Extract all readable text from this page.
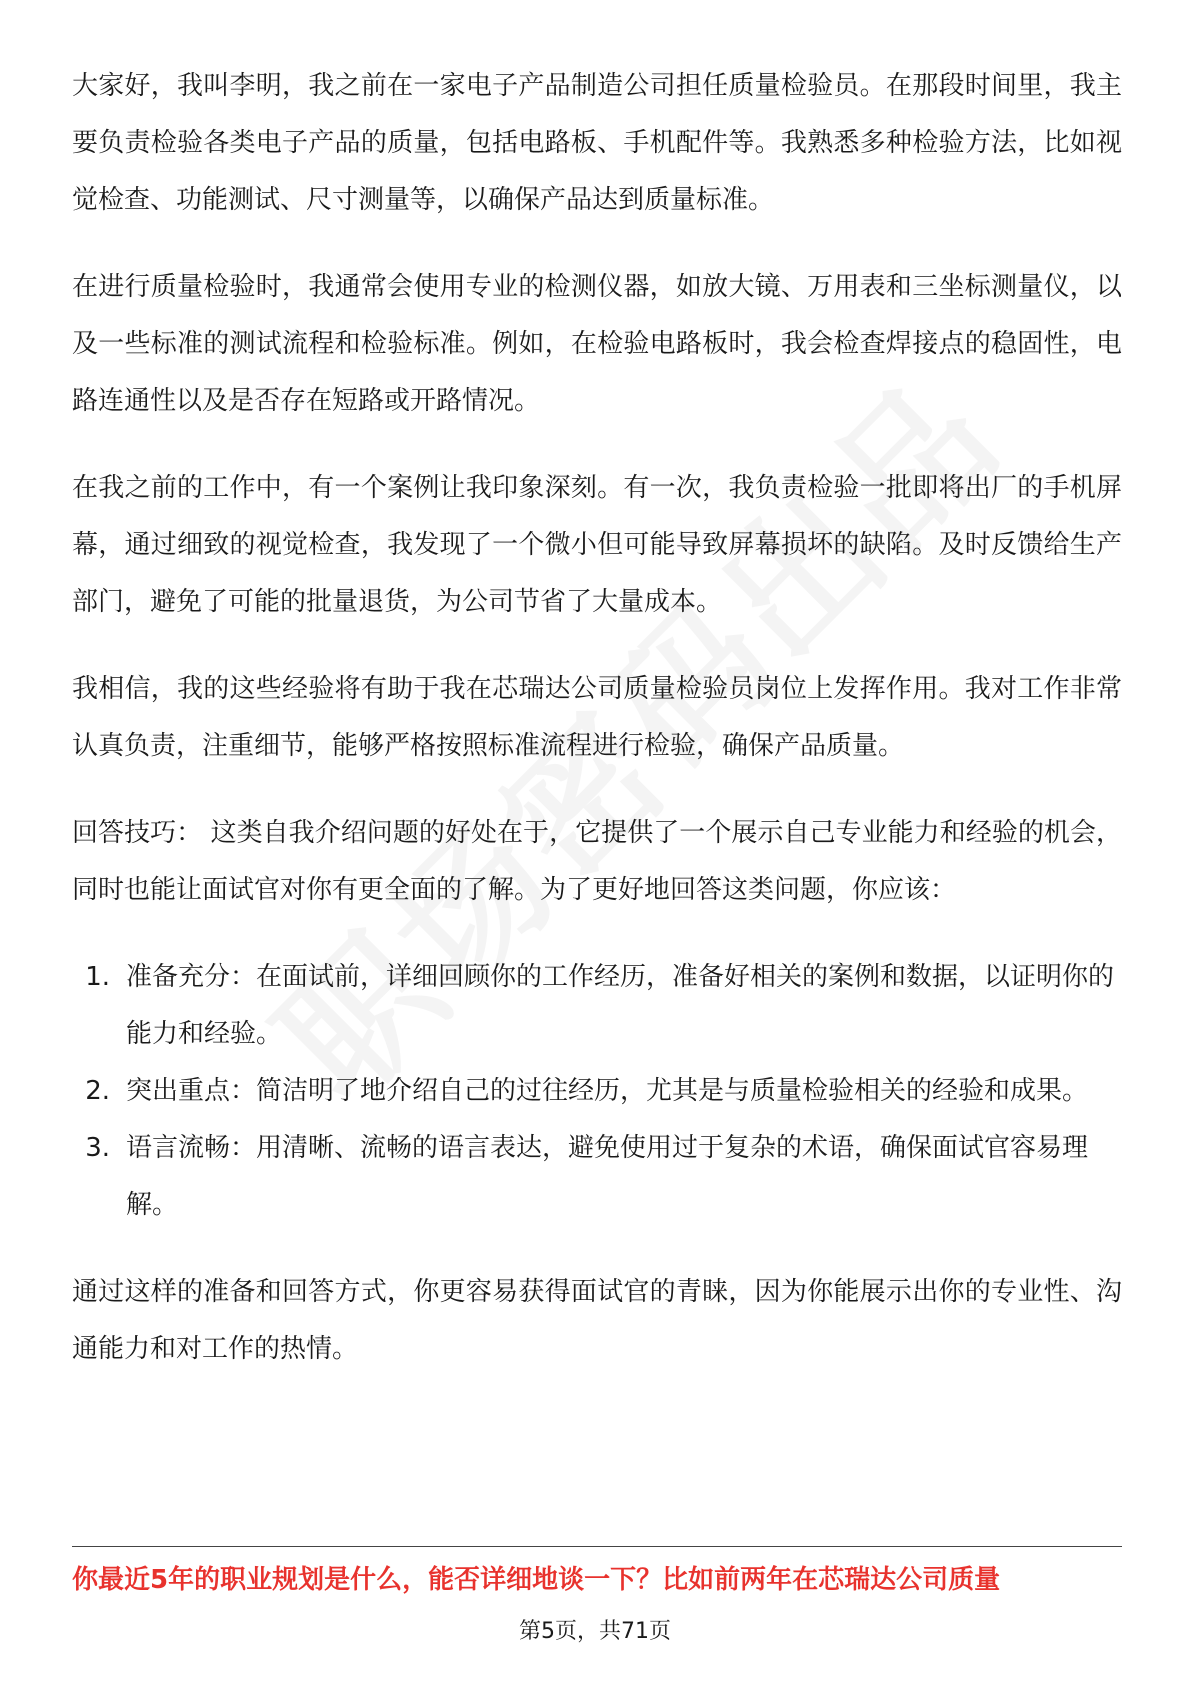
大家好，我叫李明，我之前在一家电子产品制造公司担任质量检验员。在那段时间里，我主要负责检验各类电子产品的质量，包括电路板、手机配件等。我熟悉多种检验方法，比如视觉检查、功能测试、尺寸测量等，以确保产品达到质量标准。

在进行质量检验时，我通常会使用专业的检测仪器，如放大镜、万用表和三坐标测量仪，以及一些标准的测试流程和检验标准。例如，在检验电路板时，我会检查焊接点的稳固性，电路连通性以及是否存在短路或开路情况。

在我之前的工作中，有一个案例让我印象深刻。有一次，我负责检验一批即将出厂的手机屏幕，通过细致的视觉检查，我发现了一个微小但可能导致屏幕损坏的缺陷。及时反馈给生产部门，避免了可能的批量退货，为公司节省了大量成本。

我相信，我的这些经验将有助于我在芯瑞达公司质量检验员岗位上发挥作用。我对工作非常认真负责，注重细节，能够严格按照标准流程进行检验，确保产品质量。

回答技巧： 这类自我介绍问题的好处在于，它提供了一个展示自己专业能力和经验的机会，同时也能让面试官对你有更全面的了解。为了更好地回答这类问题，你应该：

1. 准备充分：在面试前，详细回顾你的工作经历，准备好相关的案例和数据，以证明你的能力和经验。
2. 突出重点：简洁明了地介绍自己的过往经历，尤其是与质量检验相关的经验和成果。
3. 语言流畅：用清晰、流畅的语言表达，避免使用过于复杂的术语，确保面试官容易理解。

通过这样的准备和回答方式，你更容易获得面试官的青睐，因为你能展示出你的专业性、沟通能力和对工作的热情。

你最近5年的职业规划是什么，能否详细地谈一下？比如前两年在芯瑞达公司质量
第5页，共71页
